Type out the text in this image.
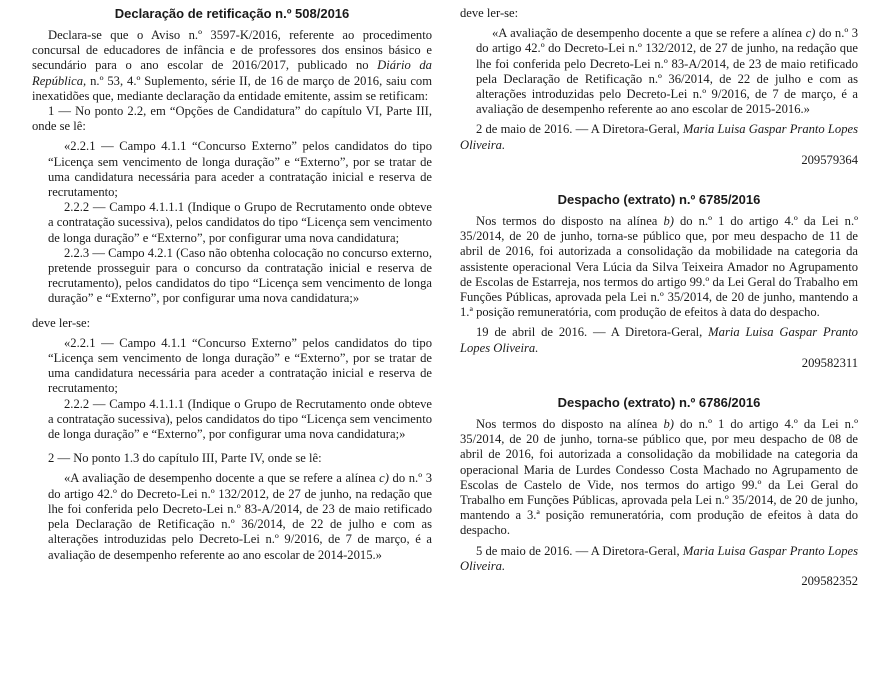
Declaração de retificação n.º 508/2016

Declara-se que o Aviso n.º 3597-K/2016, referente ao procedimento concursal de educadores de infância e de professores dos ensinos básico e secundário para o ano escolar de 2016/2017, publicado no Diário da República, n.º 53, 4.º Suplemento, série II, de 16 de março de 2016, saiu com inexatidões que, mediante declaração da entidade emitente, assim se retificam:

1 — No ponto 2.2, em “Opções de Candidatura” do capítulo VI, Parte III, onde se lê:

«2.2.1 — Campo 4.1.1 “Concurso Externo” pelos candidatos do tipo “Licença sem vencimento de longa duração” e “Externo”, por se tratar de uma candidatura necessária para aceder a contratação inicial e reserva de recrutamento;

2.2.2 — Campo 4.1.1.1 (Indique o Grupo de Recrutamento onde obteve a contratação sucessiva), pelos candidatos do tipo “Licença sem vencimento de longa duração” e “Externo”, por configurar uma nova candidatura;

2.2.3 — Campo 4.2.1 (Caso não obtenha colocação no concurso externo, pretende prosseguir para o concurso da contratação inicial e reserva de recrutamento), pelos candidatos do tipo “Licença sem vencimento de longa duração” e “Externo”, por configurar uma nova candidatura;»

deve ler-se:

«2.2.1 — Campo 4.1.1 “Concurso Externo” pelos candidatos do tipo “Licença sem vencimento de longa duração” e “Externo”, por se tratar de uma candidatura necessária para aceder a contratação inicial e reserva de recrutamento;

2.2.2 — Campo 4.1.1.1 (Indique o Grupo de Recrutamento onde obteve a contratação sucessiva), pelos candidatos do tipo “Licença sem vencimento de longa duração” e “Externo”, por configurar uma nova candidatura;»

2 — No ponto 1.3 do capítulo III, Parte IV, onde se lê:

«A avaliação de desempenho docente a que se refere a alínea c) do n.º 3 do artigo 42.º do Decreto-Lei n.º 132/2012, de 27 de junho, na redação que lhe foi conferida pelo Decreto-Lei n.º 83-A/2014, de 23 de maio retificado pela Declaração de Retificação n.º 36/2014, de 22 de julho e com as alterações introduzidas pelo Decreto-Lei n.º 9/2016, de 7 de março, é a avaliação de desempenho referente ao ano escolar de 2014-2015.»

deve ler-se:

«A avaliação de desempenho docente a que se refere a alínea c) do n.º 3 do artigo 42.º do Decreto-Lei n.º 132/2012, de 27 de junho, na redação que lhe foi conferida pelo Decreto-Lei n.º 83-A/2014, de 23 de maio retificado pela Declaração de Retificação n.º 36/2014, de 22 de julho e com as alterações introduzidas pelo Decreto-Lei n.º 9/2016, de 7 de março, é a avaliação de desempenho referente ao ano escolar de 2015-2016.»

2 de maio de 2016. — A Diretora-Geral, Maria Luisa Gaspar Pranto Lopes Oliveira.

209579364

Despacho (extrato) n.º 6785/2016

Nos termos do disposto na alínea b) do n.º 1 do artigo 4.º da Lei n.º 35/2014, de 20 de junho, torna-se público que, por meu despacho de 11 de abril de 2016, foi autorizada a consolidação da mobilidade na categoria da assistente operacional Vera Lúcia da Silva Teixeira Amador no Agrupamento de Escolas de Estarreja, nos termos do artigo 99.º da Lei Geral do Trabalho em Funções Públicas, aprovada pela Lei n.º 35/2014, de 20 de junho, mantendo a 1.ª posição remuneratória, com produção de efeitos à data do despacho.

19 de abril de 2016. — A Diretora-Geral, Maria Luisa Gaspar Pranto Lopes Oliveira.

209582311

Despacho (extrato) n.º 6786/2016

Nos termos do disposto na alínea b) do n.º 1 do artigo 4.º da Lei n.º 35/2014, de 20 de junho, torna-se público que, por meu despacho de 08 de abril de 2016, foi autorizada a consolidação da mobilidade na categoria da operacional Maria de Lurdes Condesso Costa Machado no Agrupamento de Escolas de Castelo de Vide, nos termos do artigo 99.º da Lei Geral do Trabalho em Funções Públicas, aprovada pela Lei n.º 35/2014, de 20 de junho, mantendo a 3.ª posição remuneratória, com produção de efeitos à data do despacho.

5 de maio de 2016. — A Diretora-Geral, Maria Luisa Gaspar Pranto Lopes Oliveira.

209582352
